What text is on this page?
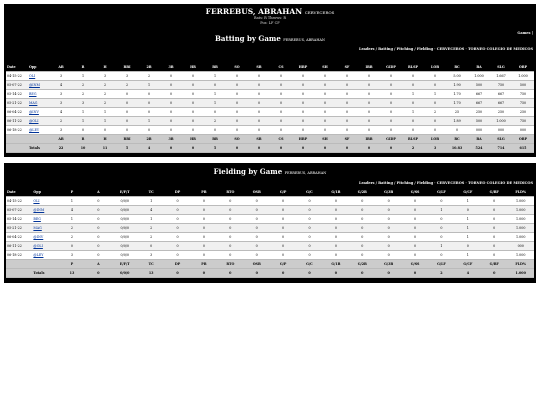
FERREBUS, ABRAHAN CERVECEROS
Bats: R Throws: R
Pos: LF CF
Games |
Batting by Game FERREBUS, ABRAHAN
Leaders / Batting / Pitching / Fielding · CERVECEROS · TORNEO COLEGIO DE MEDICOS
Date	Opp	AB	R	H	RBI	2B	3B	HR	BB	SO	SB	CS	HBP	SH	SF	IBB	GIDP	RLSP	LOB	RC	BA	SLG	OBP
04-15-22	OLI	3	1	3	3	2	0	0	1	0	0	0	0	0	0	0	0	0	0	5.00	1.000	1.667	1.000
05-07-22	@INM	4	2	2	2	1	0	0	0	0	0	0	0	0	0	0	0	0	0	1.90	500	750	500
05-14-22	BEG	3	2	2	0	0	0	0	1	0	0	0	0	0	0	0	0	1	1	1.70	667	667	750
05-21-22	MAG	3	3	2	0	0	0	0	1	0	0	0	0	0	0	0	0	0	0	1.70	667	667	750
06-04-22	@INV	4	1	1	0	0	0	0	0	0	0	0	0	0	0	0	0	1	2	25	250	250	250
06-11-22	@OLI	2	1	1	0	1	0	0	2	0	0	0	0	0	0	0	0	0	0	1.89	500	1.000	750
06-18-22	@LEY	3	0	0	0	0	0	0	0	0	0	0	0	0	0	0	0	0	0	0	000	000	000
		AB	R	H	RBI	2B	3B	HR	BB	SO	SB	CS	HBP	SH	SF	IBB	GIDP	RLSP	LOB	RC	BA	SLG	OBP
	Totals	22	10	11	5	4	0	0	5	0	0	0	0	0	0	0	0	2	3	10.83	524	714	615
Fielding by Game FERREBUS, ABRAHAN
Leaders / Batting / Pitching / Fielding · CERVECEROS · TORNEO COLEGIO DE MEDICOS
Date	Opp	P	A	E/F/T	TC	DP	PB	RTO	OSB	G/P	G/C	G/1B	G/2B	G/3B	G/SS	G/LF	G/CF	G/RF	FLD%
04-15-22	OLI	1	0	0/0/0	1	0	0	0	0	0	0	0	0	0	0	0	1	0	1.000
05-07-22	@INM	4	0	0/0/0	4	0	0	0	0	0	0	0	0	0	0	1	0	0	1.000
05-14-22	BEG	1	0	0/0/0	1	0	0	0	0	0	0	0	0	0	0	0	1	0	1.000
05-21-22	MAG	2	0	0/0/0	2	0	0	0	0	0	0	0	0	0	0	0	1	0	1.000
06-04-22	@INV	2	0	0/0/0	2	0	0	0	0	0	0	0	0	0	0	0	1	0	1.000
06-11-22	@OLI	0	0	0/0/0	0	0	0	0	0	0	0	0	0	0	0	1	0	0	000
06-18-22	@LEY	3	0	0/0/0	3	0	0	0	0	0	0	0	0	0	0	0	1	0	1.000
		P	A	E/F/T	TC	DP	PB	RTO	OSB	G/P	G/C	G/1B	G/2B	G/3B	G/SS	G/LF	G/CF	G/RF	FLD%
	Totals	13	0	0/0/0	13	0	0	0	0	0	0	0	0	0	0	2	4	0	1.000
